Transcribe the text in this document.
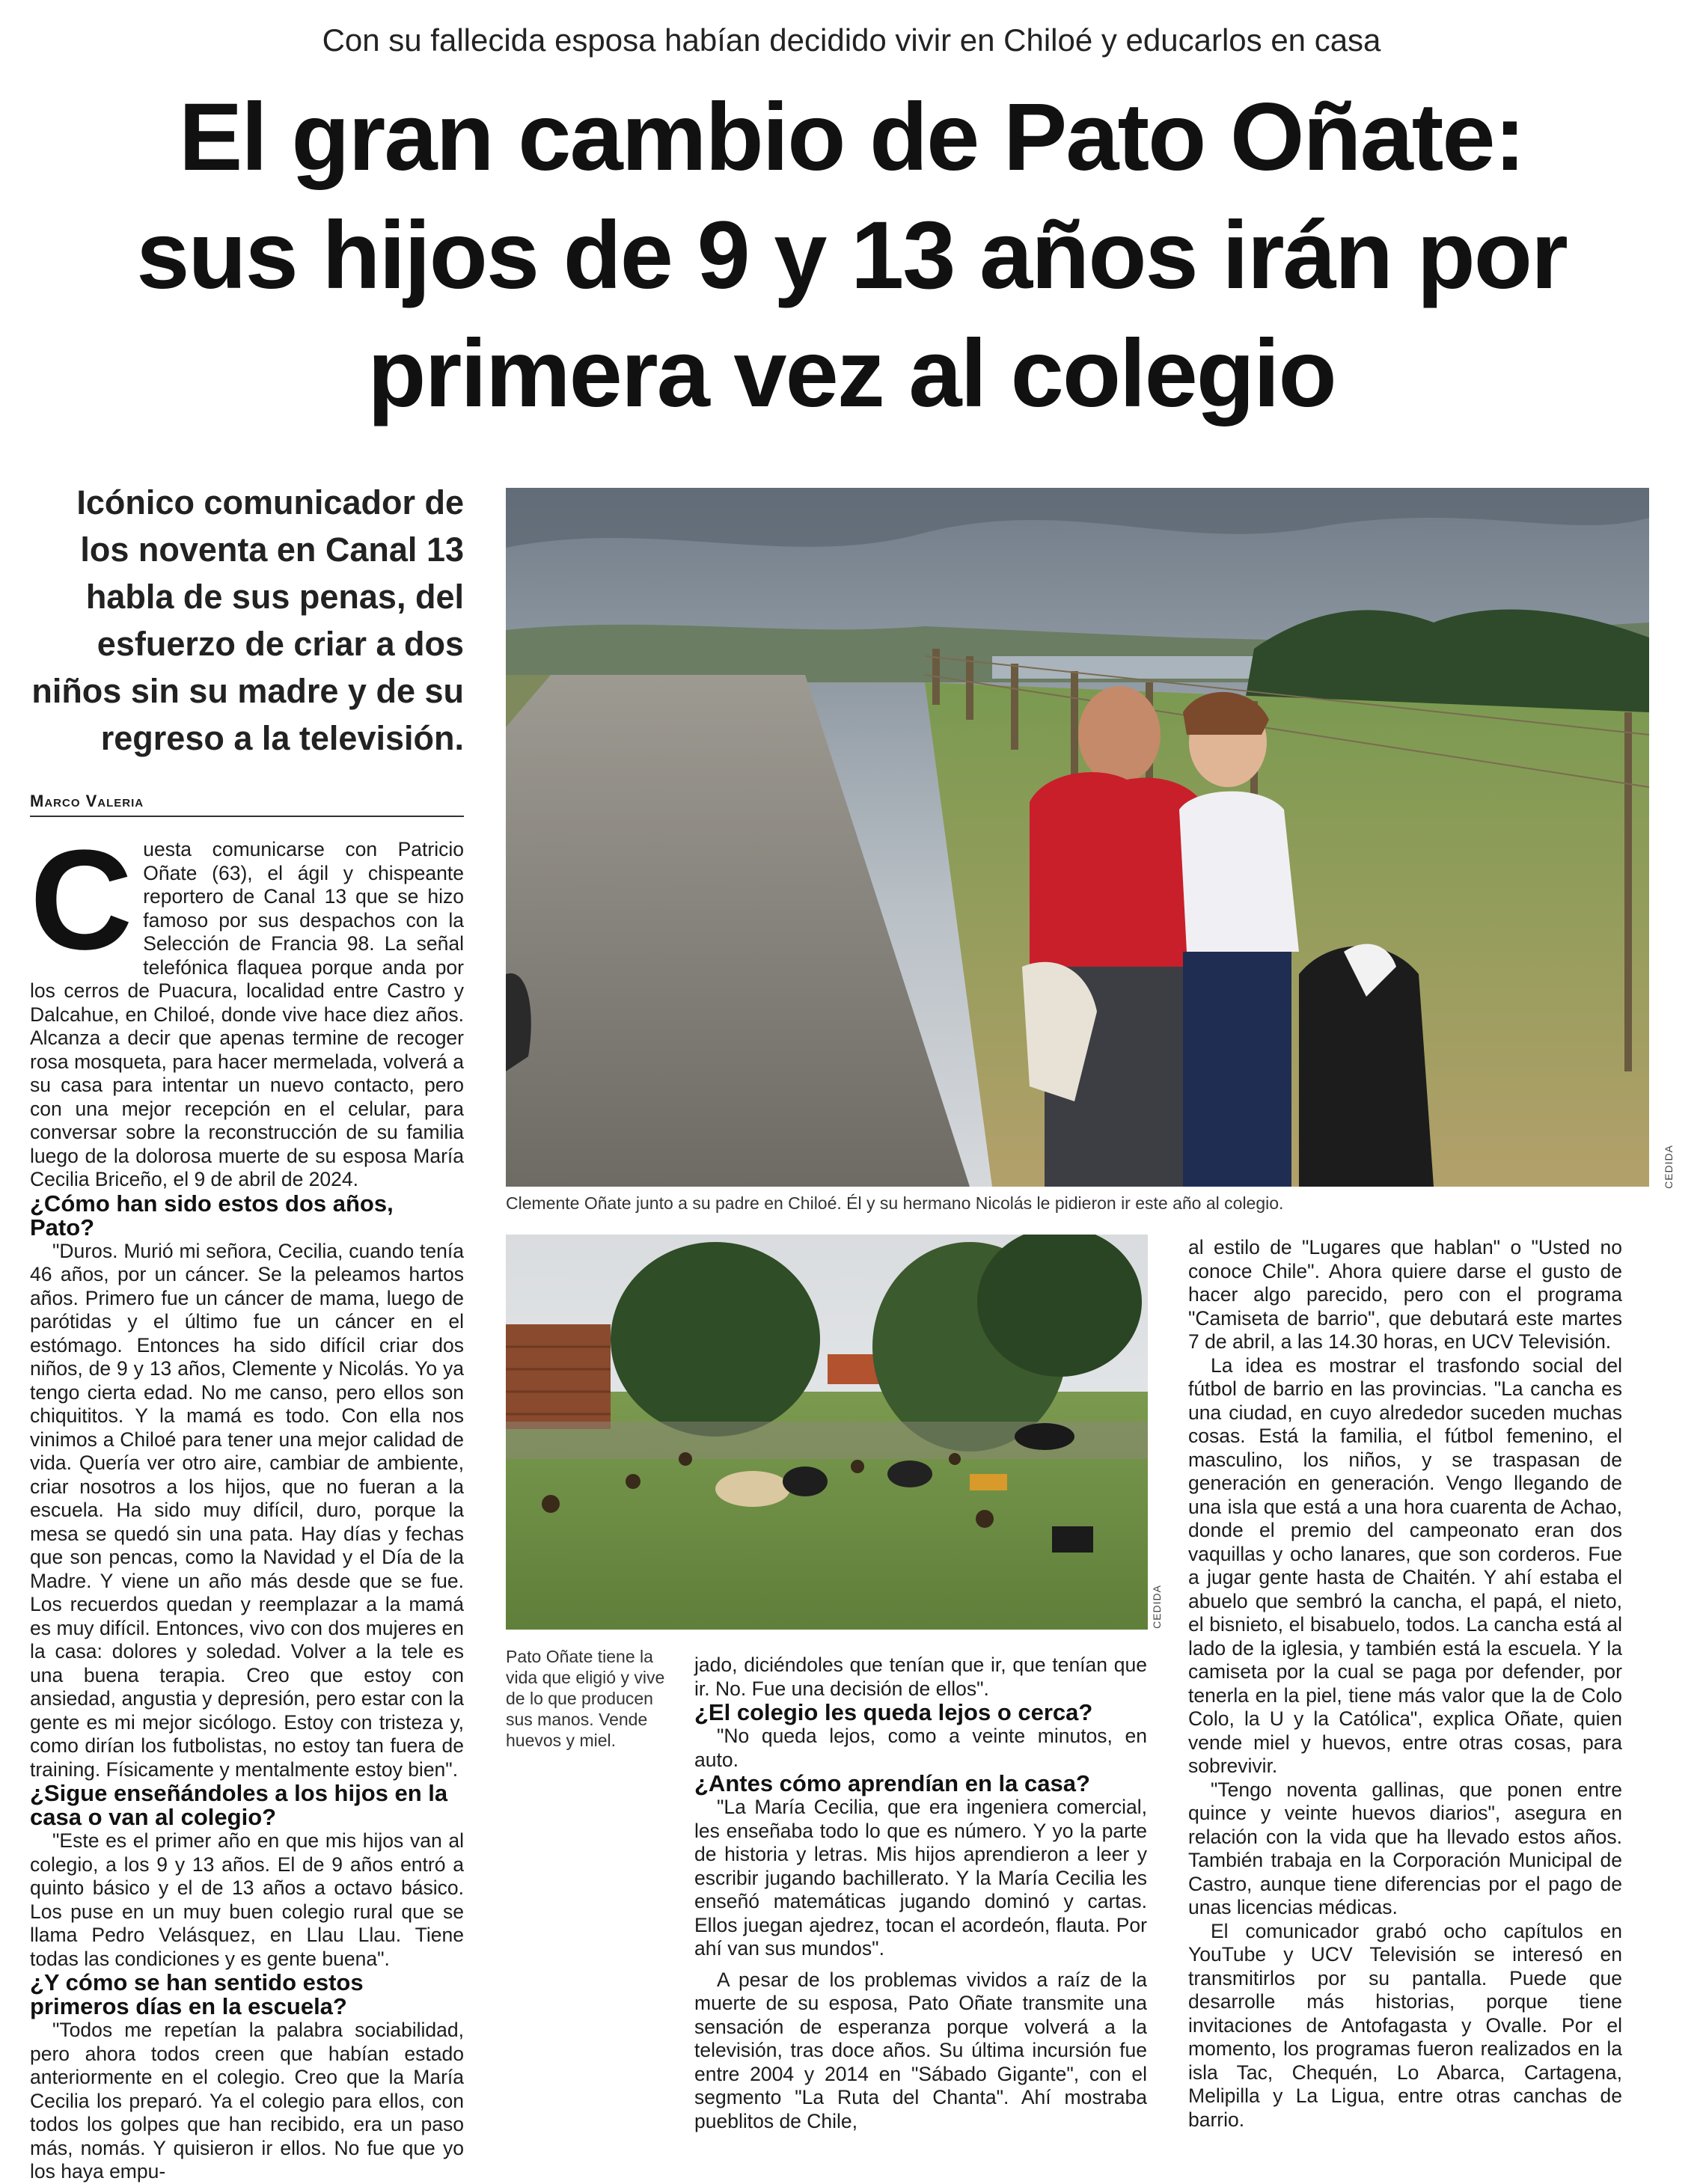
Con su fallecida esposa habían decidido vivir en Chiloé y educarlos en casa
El gran cambio de Pato Oñate:
sus hijos de 9 y 13 años irán por
primera vez al colegio
Icónico comunicador de los noventa en Canal 13 habla de sus penas, del esfuerzo de criar a dos niños sin su madre y de su regreso a la televisión.
Marco Valeria
CEDIDA
Clemente Oñate junto a su padre en Chiloé. Él y su hermano Nicolás le pidieron ir este año al colegio.
CEDIDA
Pato Oñate tiene la vida que eligió y vive de lo que producen sus manos. Vende huevos y miel.

Cuesta comunicarse con Patricio Oñate (63), el ágil y chispeante reportero de Canal 13 que se hizo famoso por sus despachos con la Selección de Francia 98. La señal telefónica flaquea porque anda por los cerros de Puacura, localidad entre Castro y Dalcahue, en Chiloé, donde vive hace diez años. Alcanza a decir que apenas termine de recoger rosa mosqueta, para hacer mermelada, volverá a su casa para intentar un nuevo contacto, pero con una mejor recepción en el celular, para conversar sobre la reconstrucción de su familia luego de la dolorosa muerte de su esposa María Cecilia Briceño, el 9 de abril de 2024.

¿Cómo han sido estos dos años, Pato?

"Duros. Murió mi señora, Cecilia, cuando tenía 46 años, por un cáncer. Se la peleamos hartos años. Primero fue un cáncer de mama, luego de parótidas y el último fue un cáncer en el estómago. Entonces ha sido difícil criar dos niños, de 9 y 13 años, Clemente y Nicolás. Yo ya tengo cierta edad. No me canso, pero ellos son chiquititos. Y la mamá es todo. Con ella nos vinimos a Chiloé para tener una mejor calidad de vida. Quería ver otro aire, cambiar de ambiente, criar nosotros a los hijos, que no fueran a la escuela. Ha sido muy difícil, duro, porque la mesa se quedó sin una pata. Hay días y fechas que son pencas, como la Navidad y el Día de la Madre. Y viene un año más desde que se fue. Los recuerdos quedan y reemplazar a la mamá es muy difícil. Entonces, vivo con dos mujeres en la casa: dolores y soledad. Volver a la tele es una buena terapia. Creo que estoy con ansiedad, angustia y depresión, pero estar con la gente es mi mejor sicólogo. Estoy con tristeza y, como dirían los futbolistas, no estoy tan fuera de training. Físicamente y mentalmente estoy bien".

¿Sigue enseñándoles a los hijos en la casa o van al colegio?

"Este es el primer año en que mis hijos van al colegio, a los 9 y 13 años. El de 9 años entró a quinto básico y el de 13 años a octavo básico. Los puse en un muy buen colegio rural que se llama Pedro Velásquez, en Llau Llau. Tiene todas las condiciones y es gente buena".

¿Y cómo se han sentido estos primeros días en la escuela?

"Todos me repetían la palabra sociabilidad, pero ahora todos creen que habían estado anteriormente en el colegio. Creo que la María Cecilia los preparó. Ya el colegio para ellos, con todos los golpes que han recibido, era un paso más, nomás. Y quisieron ir ellos. No fue que yo los haya empu-

jado, diciéndoles que tenían que ir, que tenían que ir. No. Fue una decisión de ellos".

¿El colegio les queda lejos o cerca?

"No queda lejos, como a veinte minutos, en auto.

¿Antes cómo aprendían en la casa?

"La María Cecilia, que era ingeniera comercial, les enseñaba todo lo que es número. Y yo la parte de historia y letras. Mis hijos aprendieron a leer y escribir jugando bachillerato. Y la María Cecilia les enseñó matemáticas jugando dominó y cartas. Ellos juegan ajedrez, tocan el acordeón, flauta. Por ahí van sus mundos".

A pesar de los problemas vividos a raíz de la muerte de su esposa, Pato Oñate transmite una sensación de esperanza porque volverá a la televisión, tras doce años. Su última incursión fue entre 2004 y 2014 en "Sábado Gigante", con el segmento "La Ruta del Chanta". Ahí mostraba pueblitos de Chile,

al estilo de "Lugares que hablan" o "Usted no conoce Chile". Ahora quiere darse el gusto de hacer algo parecido, pero con el programa "Camiseta de barrio", que debutará este martes 7 de abril, a las 14.30 horas, en UCV Televisión.

La idea es mostrar el trasfondo social del fútbol de barrio en las provincias. "La cancha es una ciudad, en cuyo alrededor suceden muchas cosas. Está la familia, el fútbol femenino, el masculino, los niños, y se traspasan de generación en generación. Vengo llegando de una isla que está a una hora cuarenta de Achao, donde el premio del campeonato eran dos vaquillas y ocho lanares, que son corderos. Fue a jugar gente hasta de Chaitén. Y ahí estaba el abuelo que sembró la cancha, el papá, el nieto, el bisnieto, el bisabuelo, todos. La cancha está al lado de la iglesia, y también está la escuela. Y la camiseta por la cual se paga por defender, por tenerla en la piel, tiene más valor que la de Colo Colo, la U y la Católica", explica Oñate, quien vende miel y huevos, entre otras cosas, para sobrevivir.

"Tengo noventa gallinas, que ponen entre quince y veinte huevos diarios", asegura en relación con la vida que ha llevado estos años. También trabaja en la Corporación Municipal de Castro, aunque tiene diferencias por el pago de unas licencias médicas.

El comunicador grabó ocho capítulos en YouTube y UCV Televisión se interesó en transmitirlos por su pantalla. Puede que desarrolle más historias, porque tiene invitaciones de Antofagasta y Ovalle. Por el momento, los programas fueron realizados en la isla Tac, Chequén, Lo Abarca, Cartagena, Melipilla y La Ligua, entre otras canchas de barrio.
